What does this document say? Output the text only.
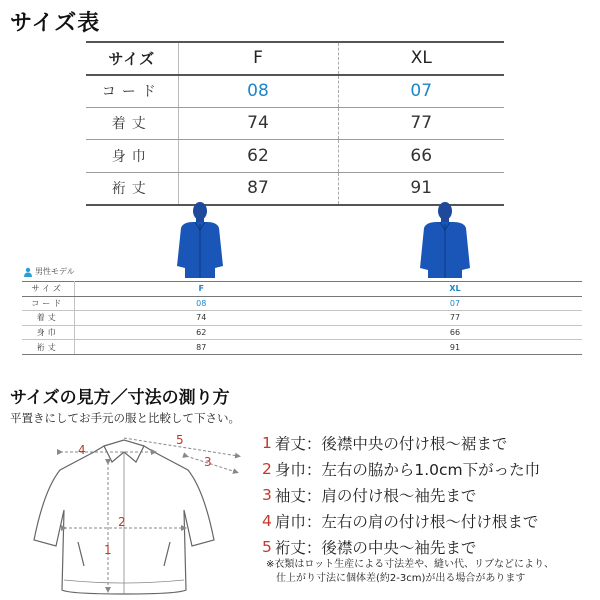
サイズ表
サイズ	F	XL
コード	08	07
着丈	74	77
身巾	62	66
裄丈	87	91
男性モデル
サイズ	F	XL
コード	08	07
着丈	74	77
身巾	62	66
裄丈	87	91
サイズの見方／寸法の測り方
平置きにしてお手元の服と比較して下さい。
4
5
3
2
1
1 着丈：後襟中央の付け根〜裾まで
2 身巾：左右の脇から1.0cm下がった巾
3 袖丈：肩の付け根〜袖先まで
4 肩巾：左右の肩の付け根〜付け根まで
5 裄丈：後襟の中央〜袖先まで
※衣類はロット生産による寸法差や、縫い代、リブなどにより、
仕上がり寸法に個体差(約2-3cm)が出る場合があります
